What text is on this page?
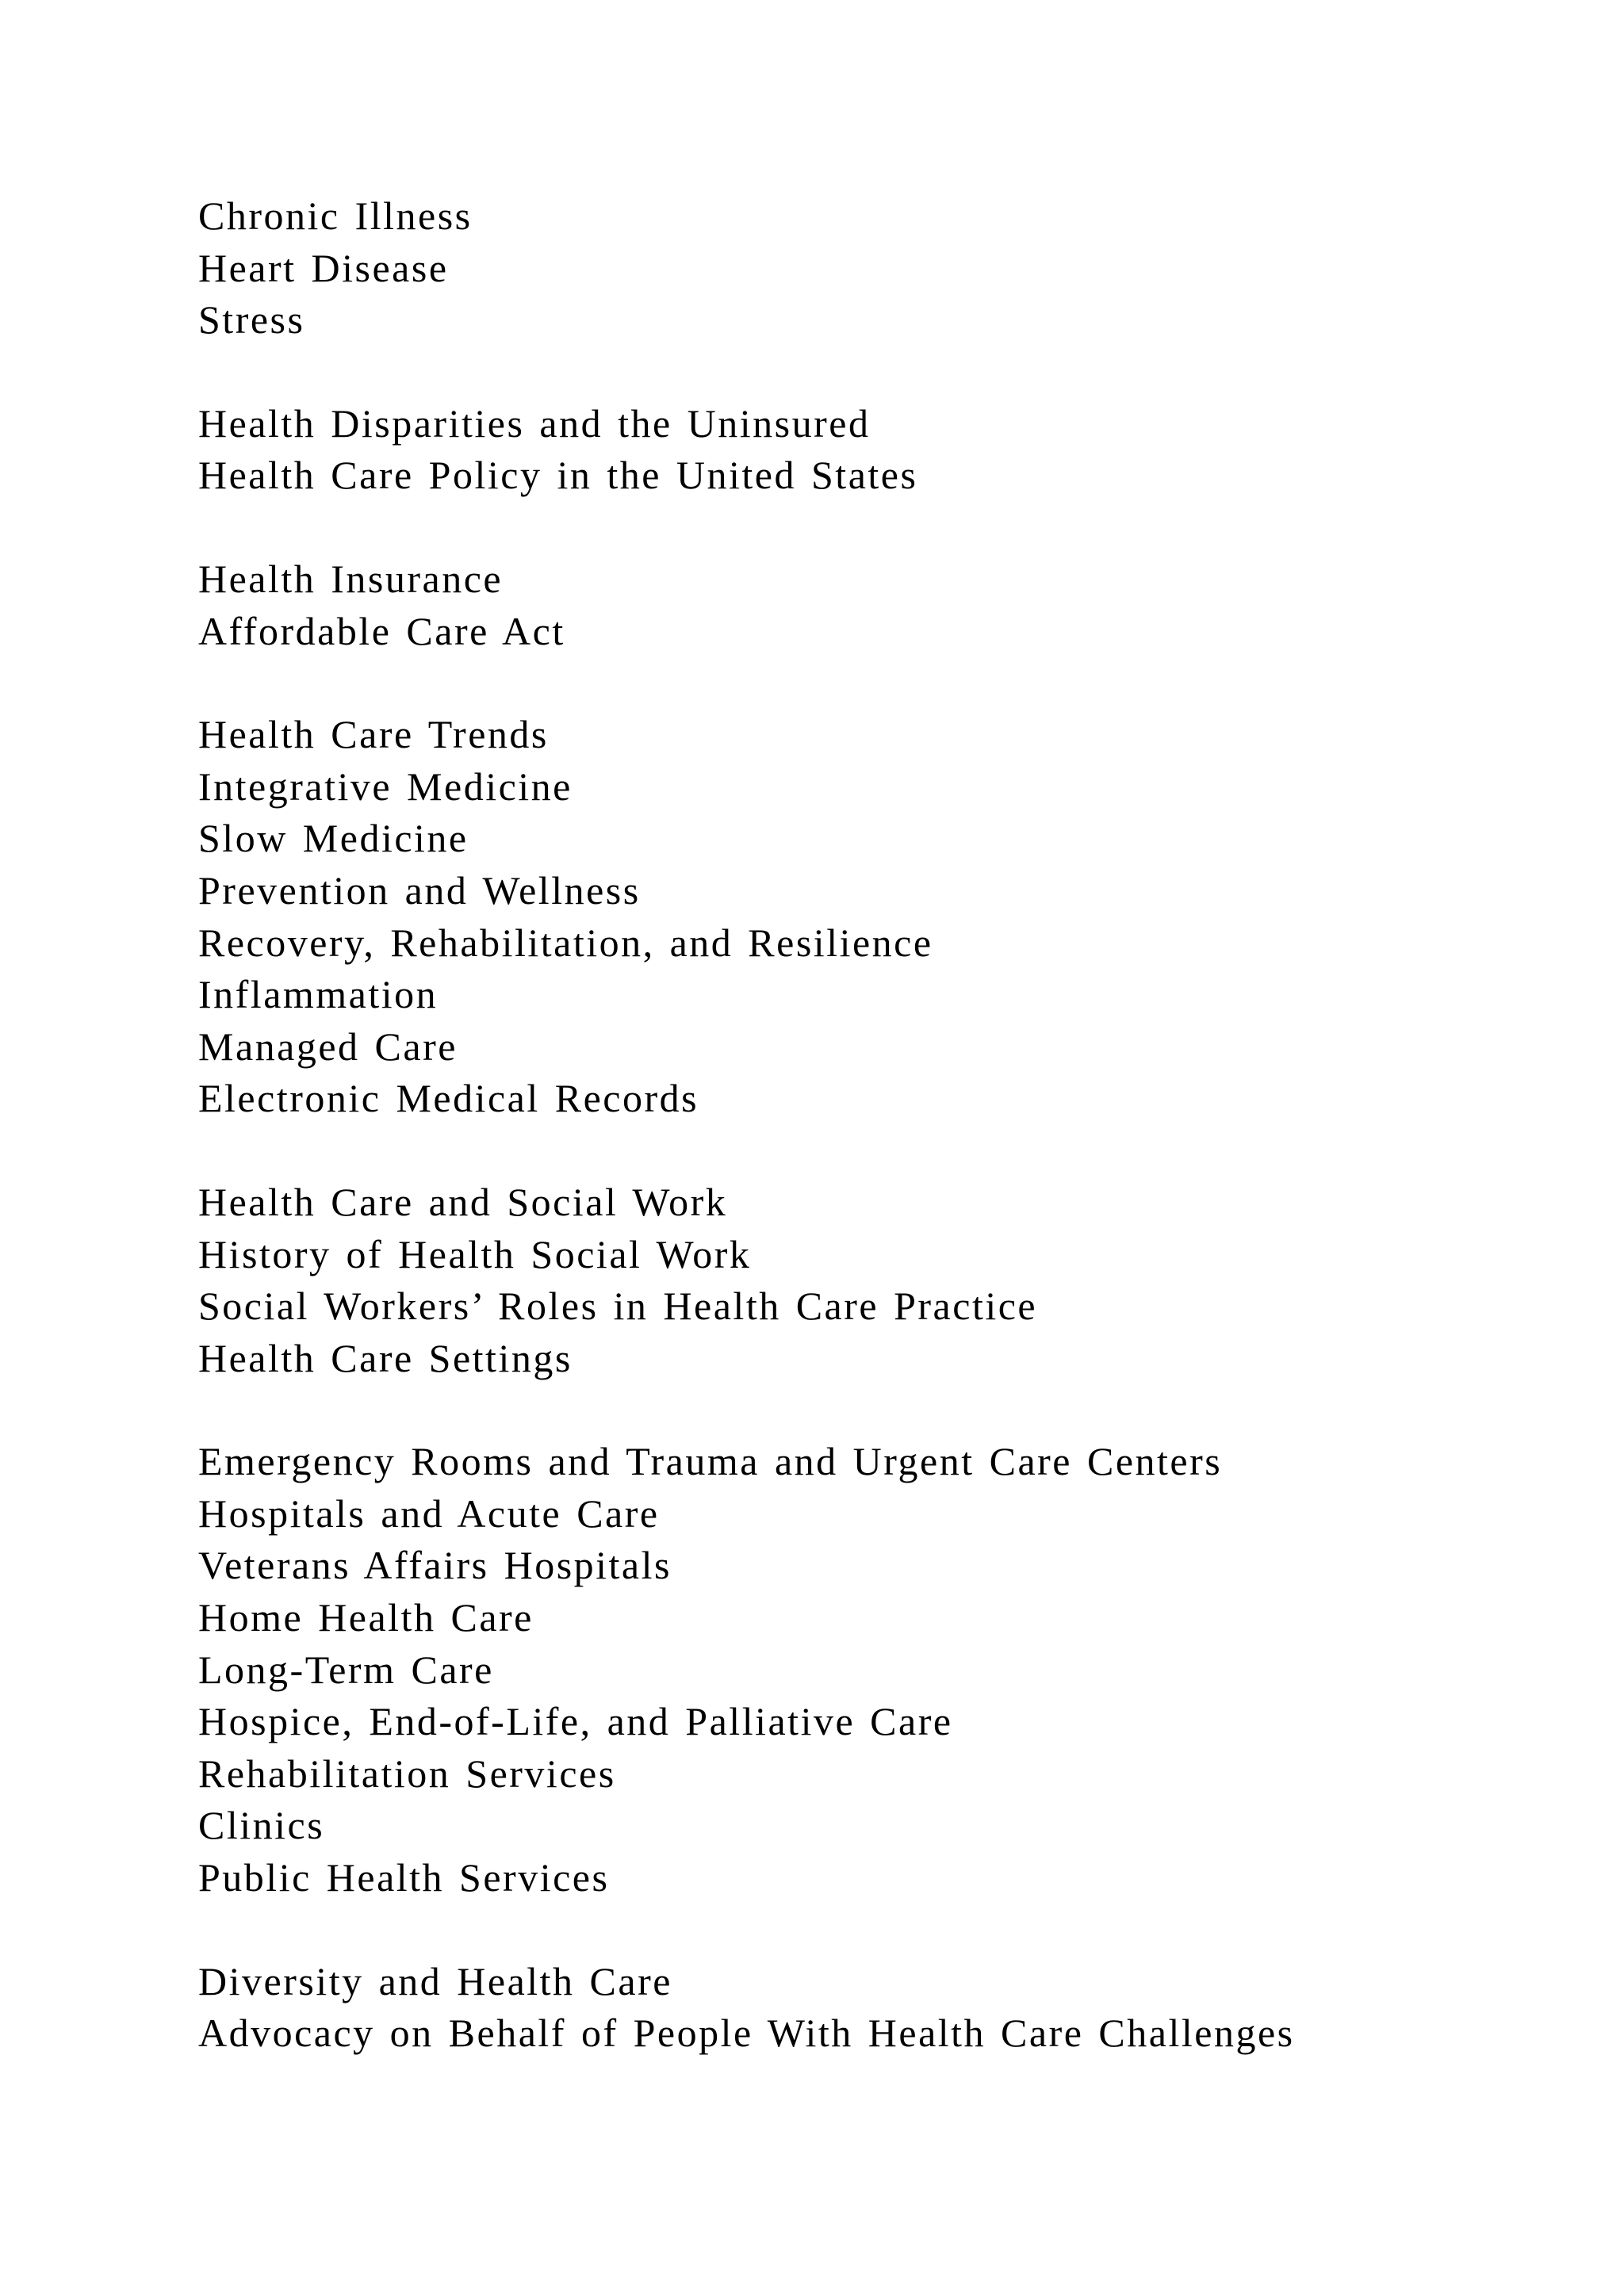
Chronic Illness
Heart Disease
Stress
Health Disparities and the Uninsured
Health Care Policy in the United States
Health Insurance
Affordable Care Act
Health Care Trends
Integrative Medicine
Slow Medicine
Prevention and Wellness
Recovery, Rehabilitation, and Resilience
Inflammation
Managed Care
Electronic Medical Records
Health Care and Social Work
History of Health Social Work
Social Workers’ Roles in Health Care Practice
Health Care Settings
Emergency Rooms and Trauma and Urgent Care Centers
Hospitals and Acute Care
Veterans Affairs Hospitals
Home Health Care
Long-Term Care
Hospice, End-of-Life, and Palliative Care
Rehabilitation Services
Clinics
Public Health Services
Diversity and Health Care
Advocacy on Behalf of People With Health Care Challenges
